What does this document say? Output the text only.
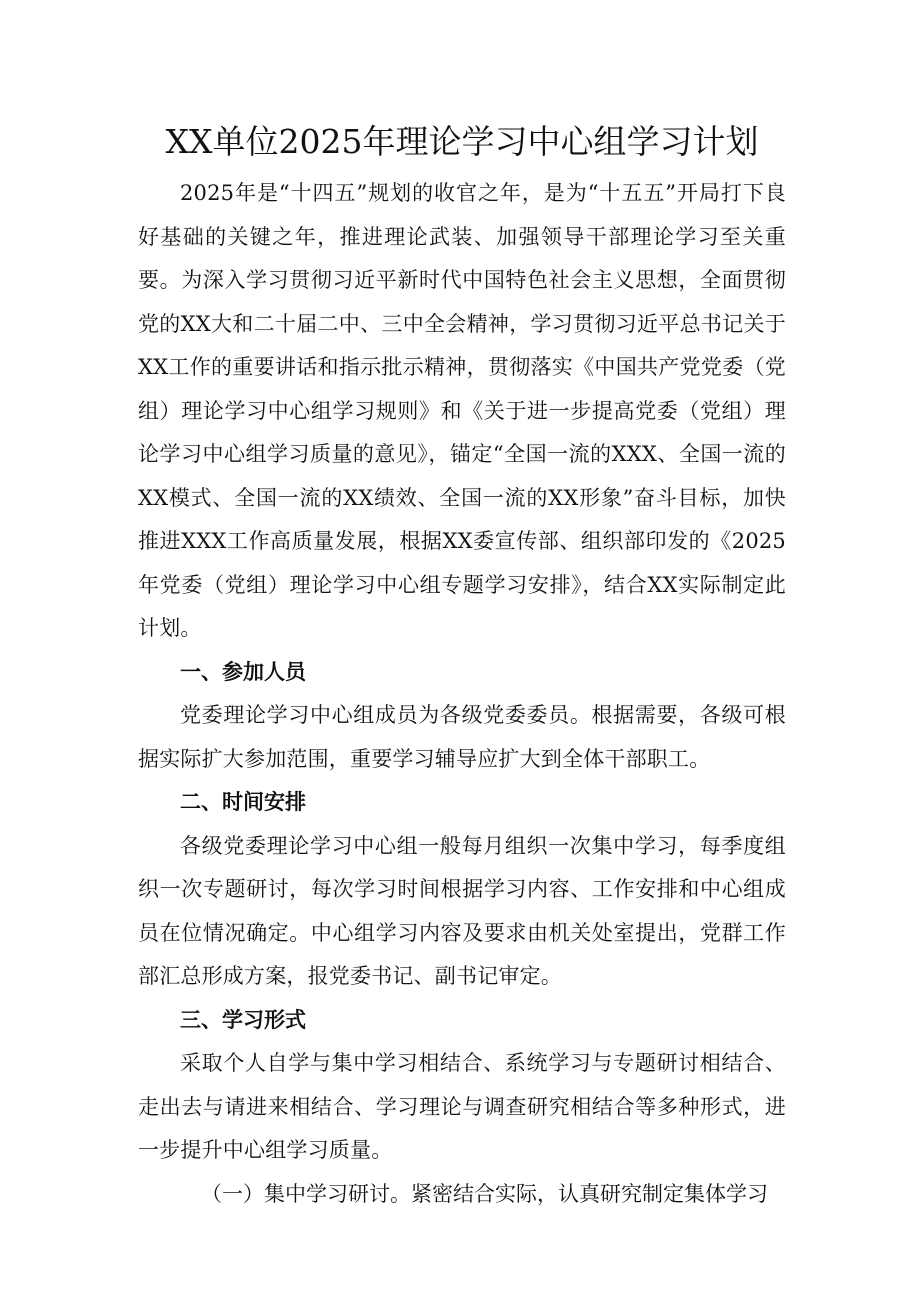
XX单位2025年理论学习中心组学习计划

2025年是“十四五”规划的收官之年，是为“十五五”开局打下良好基础的关键之年，推进理论武装、加强领导干部理论学习至关重要。为深入学习贯彻习近平新时代中国特色社会主义思想，全面贯彻党的XX大和二十届二中、三中全会精神，学习贯彻习近平总书记关于XX工作的重要讲话和指示批示精神，贯彻落实《中国共产党党委（党组）理论学习中心组学习规则》和《关于进一步提高党委（党组）理论学习中心组学习质量的意见》，锚定“全国一流的XXX、全国一流的XX模式、全国一流的XX绩效、全国一流的XX形象”奋斗目标，加快推进XXX工作高质量发展，根据XX委宣传部、组织部印发的《2025年党委（党组）理论学习中心组专题学习安排》，结合XX实际制定此计划。

一、参加人员

党委理论学习中心组成员为各级党委委员。根据需要，各级可根据实际扩大参加范围，重要学习辅导应扩大到全体干部职工。

二、时间安排

各级党委理论学习中心组一般每月组织一次集中学习，每季度组织一次专题研讨，每次学习时间根据学习内容、工作安排和中心组成员在位情况确定。中心组学习内容及要求由机关处室提出，党群工作部汇总形成方案，报党委书记、副书记审定。

三、学习形式

采取个人自学与集中学习相结合、系统学习与专题研讨相结合、走出去与请进来相结合、学习理论与调查研究相结合等多种形式，进一步提升中心组学习质量。

（一）集中学习研讨。紧密结合实际，认真研究制定集体学习
